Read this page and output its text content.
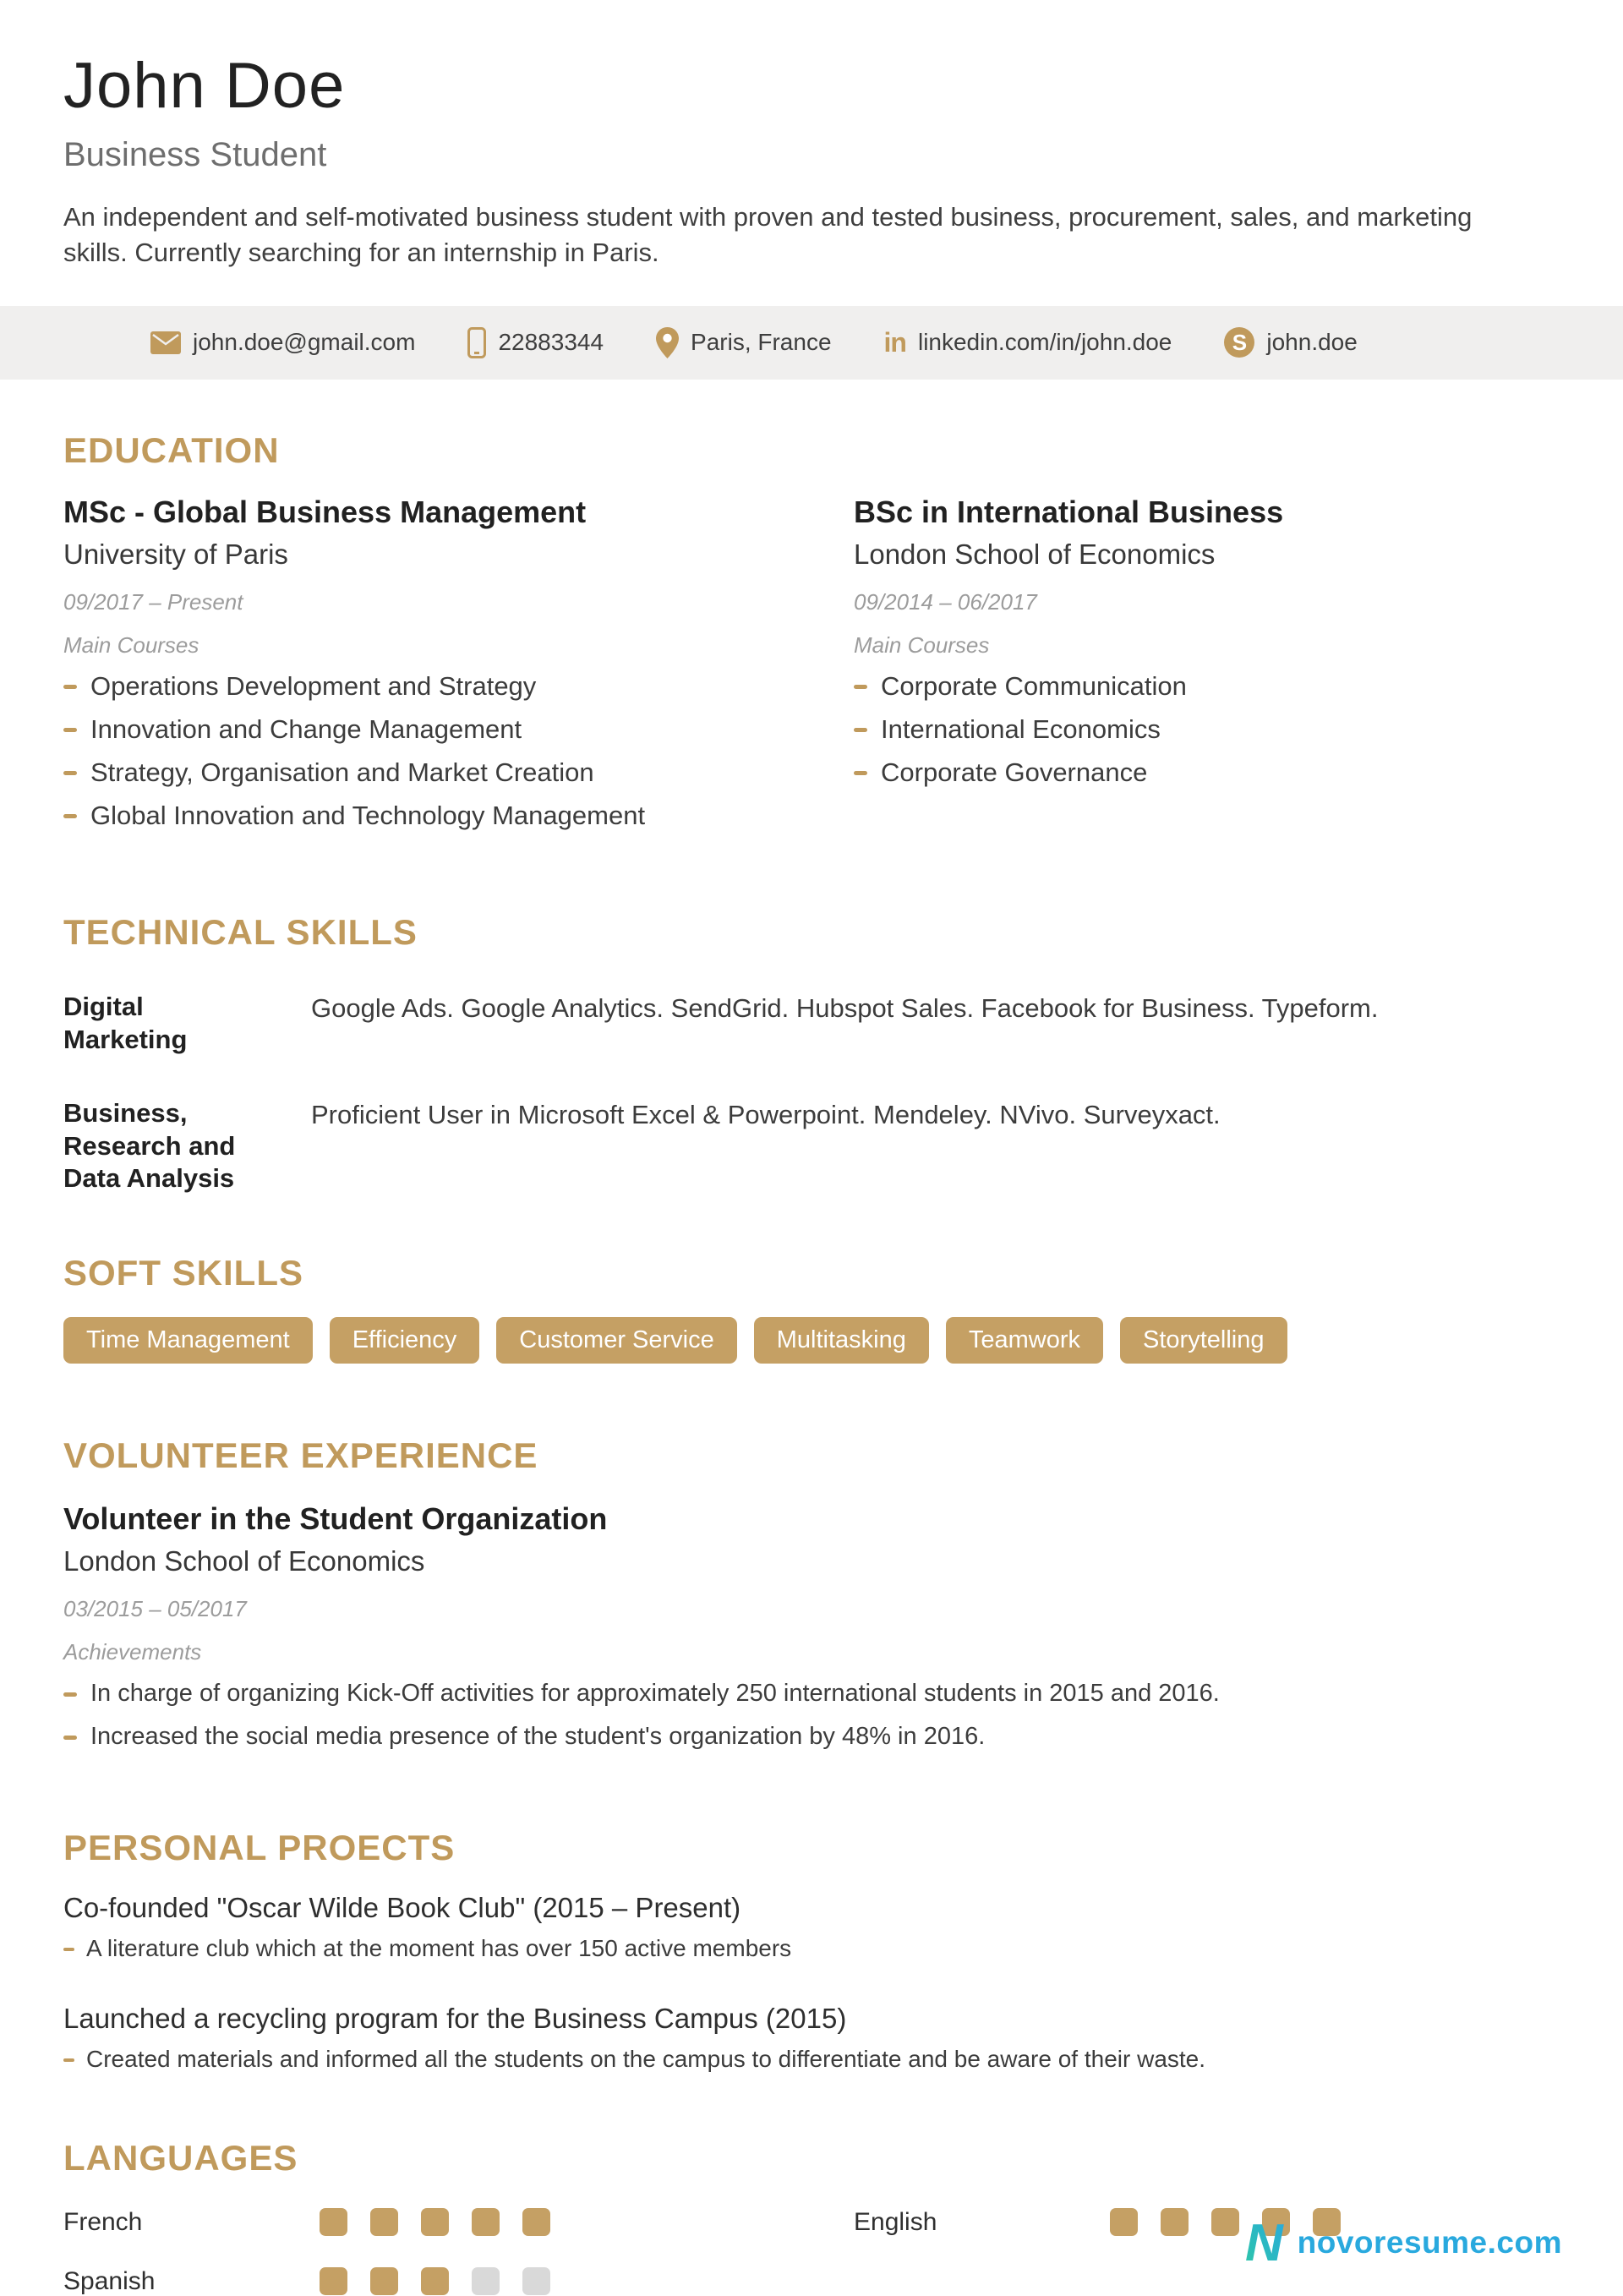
John Doe
Business Student

An independent and self-motivated business student with proven and tested business, procurement, sales, and marketing skills. Currently searching for an internship in Paris.

john.doe@gmail.com	22883344	Paris, France in linkedin.com/in/john.doe	S john.doe
EDUCATION
MSc - Global Business Management
University of Paris
09/2017 – Present
Main Courses
Operations Development and Strategy
Innovation and Change Management
Strategy, Organisation and Market Creation
Global Innovation and Technology Management
BSc in International Business
London School of Economics
09/2014 – 06/2017
Main Courses
Corporate Communication
International Economics
Corporate Governance
TECHNICAL SKILLS
Digital Marketing
Google Ads. Google Analytics. SendGrid. Hubspot Sales. Facebook for Business. Typeform.
Business, Research and Data Analysis
Proficient User in Microsoft Excel & Powerpoint. Mendeley. NVivo. Surveyxact.
SOFT SKILLS
Time Management	Efficiency	Customer Service	Multitasking	Teamwork	Storytelling
VOLUNTEER EXPERIENCE
Volunteer in the Student Organization
London School of Economics
03/2015 – 05/2017
Achievements
In charge of organizing Kick-Off activities for approximately 250 international students in 2015 and 2016.
Increased the social media presence of the student's organization by 48% in 2016.
PERSONAL PROECTS
Co-founded "Oscar Wilde Book Club" (2015 – Present)
A literature club which at the moment has over 150 active members
Launched a recycling program for the Business Campus (2015)
Created materials and informed all the students on the campus to differentiate and be aware of their waste.
LANGUAGES
French	English
Spanish
N novoresume.com
